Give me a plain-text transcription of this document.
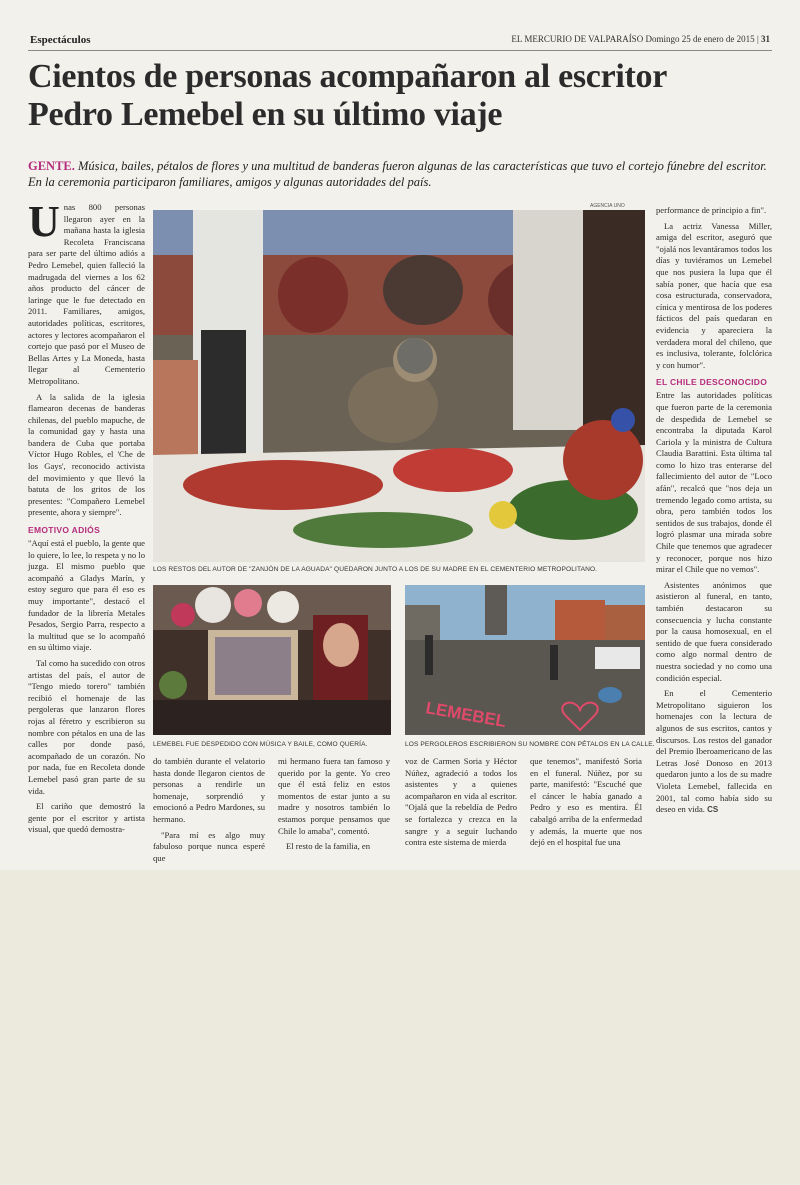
Espectáculos	EL MERCURIO DE VALPARAÍSO Domingo 25 de enero de 2015 | 31
Cientos de personas acompañaron al escritor Pedro Lemebel en su último viaje

GENTE. Música, bailes, pétalos de flores y una multitud de banderas fueron algunas de las características que tuvo el cortejo fúnebre del escritor. En la ceremonia participaron familiares, amigos y algunas autoridades del país.

Unas 800 personas llegaron ayer en la mañana hasta la iglesia Recoleta Franciscana para ser parte del último adiós a Pedro Lemebel, quien falleció la madrugada del viernes a los 62 años producto del cáncer de laringe que le fue detectado en 2011. Familiares, amigos, autoridades políticas, escritores, actores y lectores acompañaron el cortejo que pasó por el Museo de Bellas Artes y La Moneda, hasta llegar al Cementerio Metropolitano.

A la salida de la iglesia flamearon decenas de banderas chilenas, del pueblo mapuche, de la comunidad gay y hasta una bandera de Cuba que portaba Víctor Hugo Robles, el 'Che de los Gays', reconocido activista del movimiento y que llevó la batuta de los gritos de los presentes: "Compañero Lemebel presente, ahora y siempre".

EMOTIVO ADIÓS

"Aquí está el pueblo, la gente que lo quiere, lo lee, lo respeta y no lo juzga. El mismo pueblo que acompañó a Gladys Marín, y estoy seguro que para él eso es muy importante", destacó el fundador de la librería Metales Pesados, Sergio Parra, respecto a la multitud que se lo acompañó en su último viaje.

Tal como ha sucedido con otros artistas del país, el autor de "Tengo miedo torero" también recibió el homenaje de las pergoleras que lanzaron flores rojas al féretro y escribieron su nombre con pétalos en una de las calles por donde pasó, acompañado de un corazón. No por nada, fue en Recoleta donde Lemebel pasó gran parte de su vida.

El cariño que demostró la gente por el escritor y artista visual, que quedó demostra-

AGENCIA UNO
LOS RESTOS DEL AUTOR DE "ZANJÓN DE LA AGUADA" QUEDARON JUNTO A LOS DE SU MADRE EN EL CEMENTERIO METROPOLITANO.
LEMEBEL FUE DESPEDIDO CON MÚSICA Y BAILE, COMO QUERÍA.
LEMEBEL
LOS PERGOLEROS ESCRIBIERON SU NOMBRE CON PÉTALOS EN LA CALLE.

do también durante el velatorio hasta donde llegaron cientos de personas a rendirle un homenaje, sorprendió y emocionó a Pedro Mardones, su hermano.

"Para mí es algo muy fabuloso porque nunca esperé que

mi hermano fuera tan famoso y querido por la gente. Yo creo que él está feliz en estos momentos de estar junto a su madre y nosotros también lo estamos porque pensamos que Chile lo amaba", comentó.

El resto de la familia, en

voz de Carmen Soria y Héctor Núñez, agradeció a todos los asistentes y a quienes acompañaron en vida al escritor. "Ojalá que la rebeldía de Pedro se fortalezca y crezca en la sangre y a seguir luchando contra este sistema de mierda

que tenemos", manifestó Soria en el funeral. Núñez, por su parte, manifestó: "Escuché que el cáncer le había ganado a Pedro y eso es mentira. Él cabalgó arriba de la enfermedad y además, la muerte que nos dejó en el hospital fue una

performance de principio a fin".

La actriz Vanessa Miller, amiga del escritor, aseguró que "ojalá nos levantáramos todos los días y tuviéramos un Lemebel que nos pusiera la lupa que él sabía poner, que hacía que esa cosa estructurada, conservadora, cínica y mentirosa de los poderes fácticos del país quedaran en evidencia y apareciera la verdadera moral del chileno, que es inclusiva, tolerante, folclórica y con humor".

EL CHILE DESCONOCIDO

Entre las autoridades políticas que fueron parte de la ceremonia de despedida de Lemebel se encontraba la diputada Karol Cariola y la ministra de Cultura Claudia Barattini. Esta última tal como lo hizo tras enterarse del fallecimiento del autor de "Loco afán", recalcó que "nos deja un tremendo legado como artista, su obra, pero también todos los sentidos de sus trabajos, donde él logró plasmar una mirada sobre Chile que tenemos que agradecer y reconocer, porque nos hizo mirar el Chile que no vemos".

Asistentes anónimos que asistieron al funeral, en tanto, también destacaron su consecuencia y lucha constante por la causa homosexual, en el sentido de que fuera considerado como algo normal dentro de nuestra sociedad y no como una condición especial.

En el Cementerio Metropolitano siguieron los homenajes con la lectura de algunos de sus escritos, cantos y discursos. Los restos del ganador del Premio Iberoamericano de las Letras José Donoso en 2013 quedaron junto a los de su madre Violeta Lemebel, fallecida en 2001, tal como había sido su deseo en vida. CS
